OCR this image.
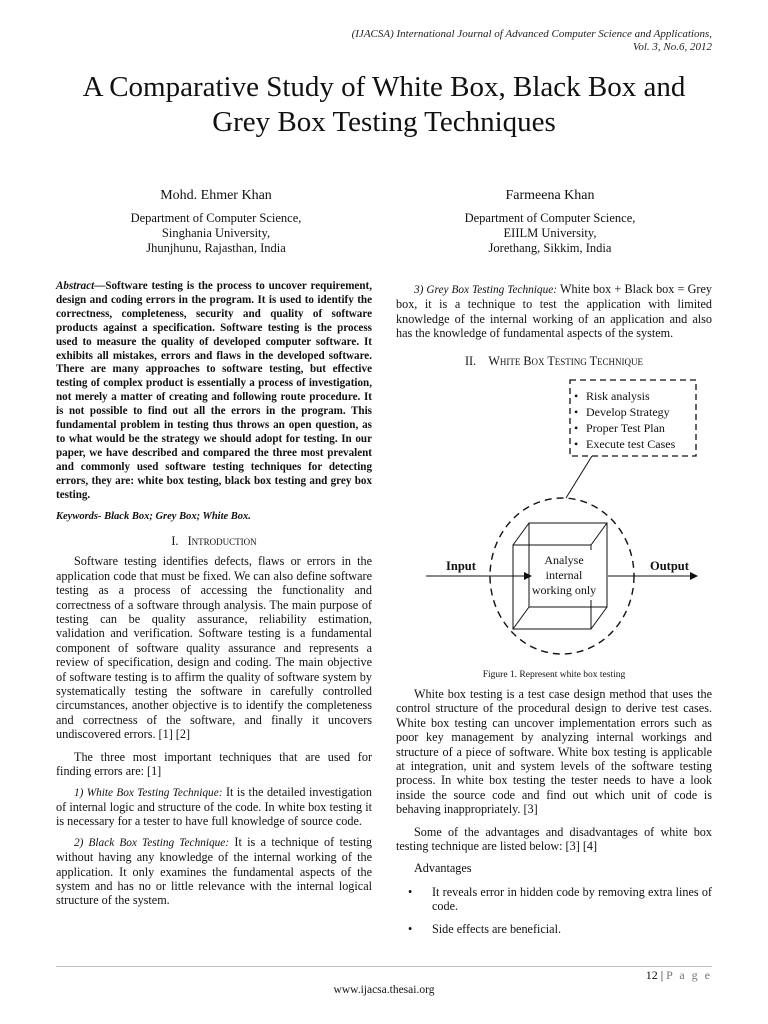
(IJACSA) International Journal of Advanced Computer Science and Applications,
Vol. 3, No.6, 2012
A Comparative Study of White Box, Black Box and
Grey Box Testing Techniques
Mohd. Ehmer Khan
Department of Computer Science,
Singhania University,
Jhunjhunu, Rajasthan, India
Farmeena Khan
Department of Computer Science,
EIILM University,
Jorethang, Sikkim, India
Abstract—Software testing is the process to uncover requirement, design and coding errors in the program. It is used to identify the correctness, completeness, security and quality of software products against a specification. Software testing is the process used to measure the quality of developed computer software. It exhibits all mistakes, errors and flaws in the developed software. There are many approaches to software testing, but effective testing of complex product is essentially a process of investigation, not merely a matter of creating and following route procedure. It is not possible to find out all the errors in the program. This fundamental problem in testing thus throws an open question, as to what would be the strategy we should adopt for testing. In our paper, we have described and compared the three most prevalent and commonly used software testing techniques for detecting errors, they are: white box testing, black box testing and grey box testing.
Keywords- Black Box; Grey Box; White Box.
I. Introduction

Software testing identifies defects, flaws or errors in the application code that must be fixed. We can also define software testing as a process of accessing the functionality and correctness of a software through analysis. The main purpose of testing can be quality assurance, reliability estimation, validation and verification. Software testing is a fundamental component of software quality assurance and represents a review of specification, design and coding. The main objective of software testing is to affirm the quality of software system by systematically testing the software in carefully controlled circumstances, another objective is to identify the completeness and correctness of the software, and finally it uncovers undiscovered errors. [1] [2]

The three most important techniques that are used for finding errors are: [1]

1) White Box Testing Technique: It is the detailed investigation of internal logic and structure of the code. In white box testing it is necessary for a tester to have full knowledge of source code.

2) Black Box Testing Technique: It is a technique of testing without having any knowledge of the internal working of the application. It only examines the fundamental aspects of the system and has no or little relevance with the internal logical structure of the system.

3) Grey Box Testing Technique: White box + Black box = Grey box, it is a technique to test the application with limited knowledge of the internal working of an application and also has the knowledge of fundamental aspects of the system.

II. White Box Testing Technique
• Risk analysis
• Develop Strategy
• Proper Test Plan
• Execute test Cases
Analyse
internal
working only
Input	Output
Figure 1. Represent white box testing

White box testing is a test case design method that uses the control structure of the procedural design to derive test cases. White box testing can uncover implementation errors such as poor key management by analyzing internal workings and structure of a piece of software. White box testing is applicable at integration, unit and system levels of the software testing process. In white box testing the tester needs to have a look inside the source code and find out which unit of code is behaving inappropriately. [3]

Some of the advantages and disadvantages of white box testing technique are listed below: [3] [4]

Advantages

• It reveals error in hidden code by removing extra lines of code.
• Side effects are beneficial.
12 | P a g e
www.ijacsa.thesai.org
